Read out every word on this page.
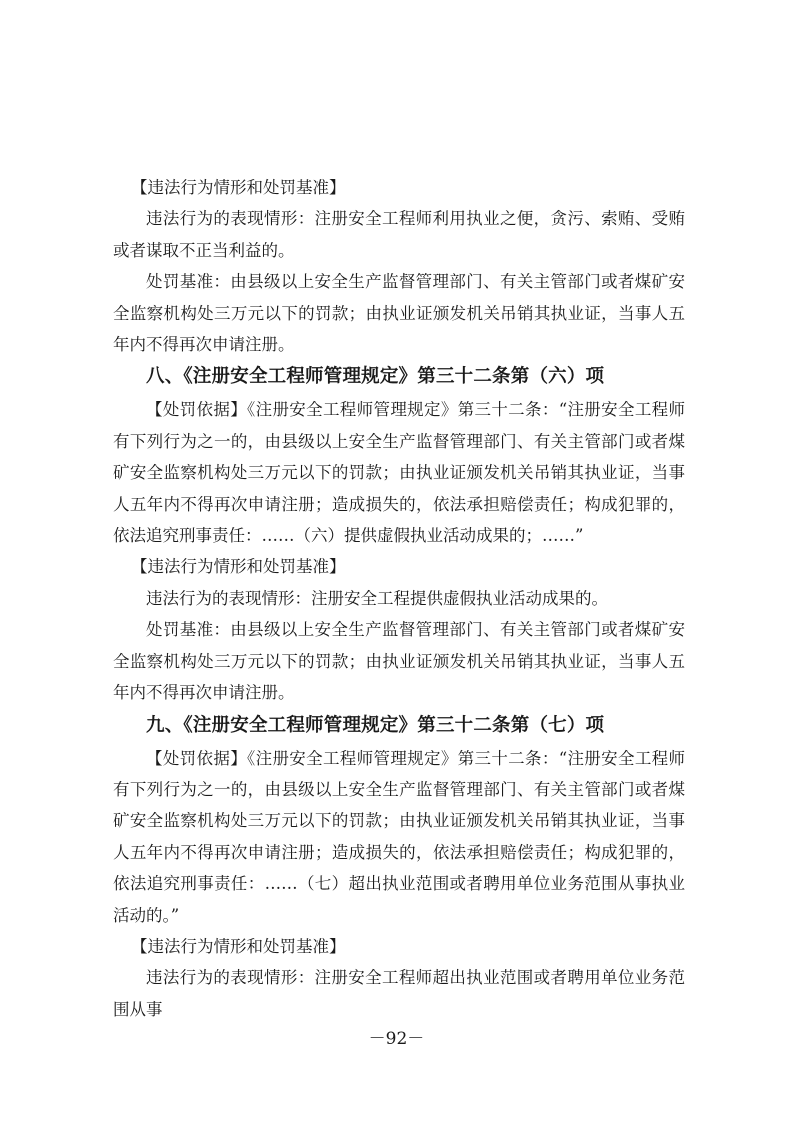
【违法行为情形和处罚基准】

违法行为的表现情形：注册安全工程师利用执业之便，贪污、索贿、受贿或者谋取不正当利益的。

处罚基准：由县级以上安全生产监督管理部门、有关主管部门或者煤矿安全监察机构处三万元以下的罚款；由执业证颁发机关吊销其执业证，当事人五年内不得再次申请注册。

八、《注册安全工程师管理规定》第三十二条第（六）项

【处罚依据】《注册安全工程师管理规定》第三十二条：“注册安全工程师有下列行为之一的，由县级以上安全生产监督管理部门、有关主管部门或者煤矿安全监察机构处三万元以下的罚款；由执业证颁发机关吊销其执业证，当事人五年内不得再次申请注册；造成损失的，依法承担赔偿责任；构成犯罪的，依法追究刑事责任：……（六）提供虚假执业活动成果的；……”

【违法行为情形和处罚基准】

违法行为的表现情形：注册安全工程提供虚假执业活动成果的。

处罚基准：由县级以上安全生产监督管理部门、有关主管部门或者煤矿安全监察机构处三万元以下的罚款；由执业证颁发机关吊销其执业证，当事人五年内不得再次申请注册。

九、《注册安全工程师管理规定》第三十二条第（七）项

【处罚依据】《注册安全工程师管理规定》第三十二条：“注册安全工程师有下列行为之一的，由县级以上安全生产监督管理部门、有关主管部门或者煤矿安全监察机构处三万元以下的罚款；由执业证颁发机关吊销其执业证，当事人五年内不得再次申请注册；造成损失的，依法承担赔偿责任；构成犯罪的，依法追究刑事责任：……（七）超出执业范围或者聘用单位业务范围从事执业活动的。”

【违法行为情形和处罚基准】

违法行为的表现情形：注册安全工程师超出执业范围或者聘用单位业务范围从事

－92－
